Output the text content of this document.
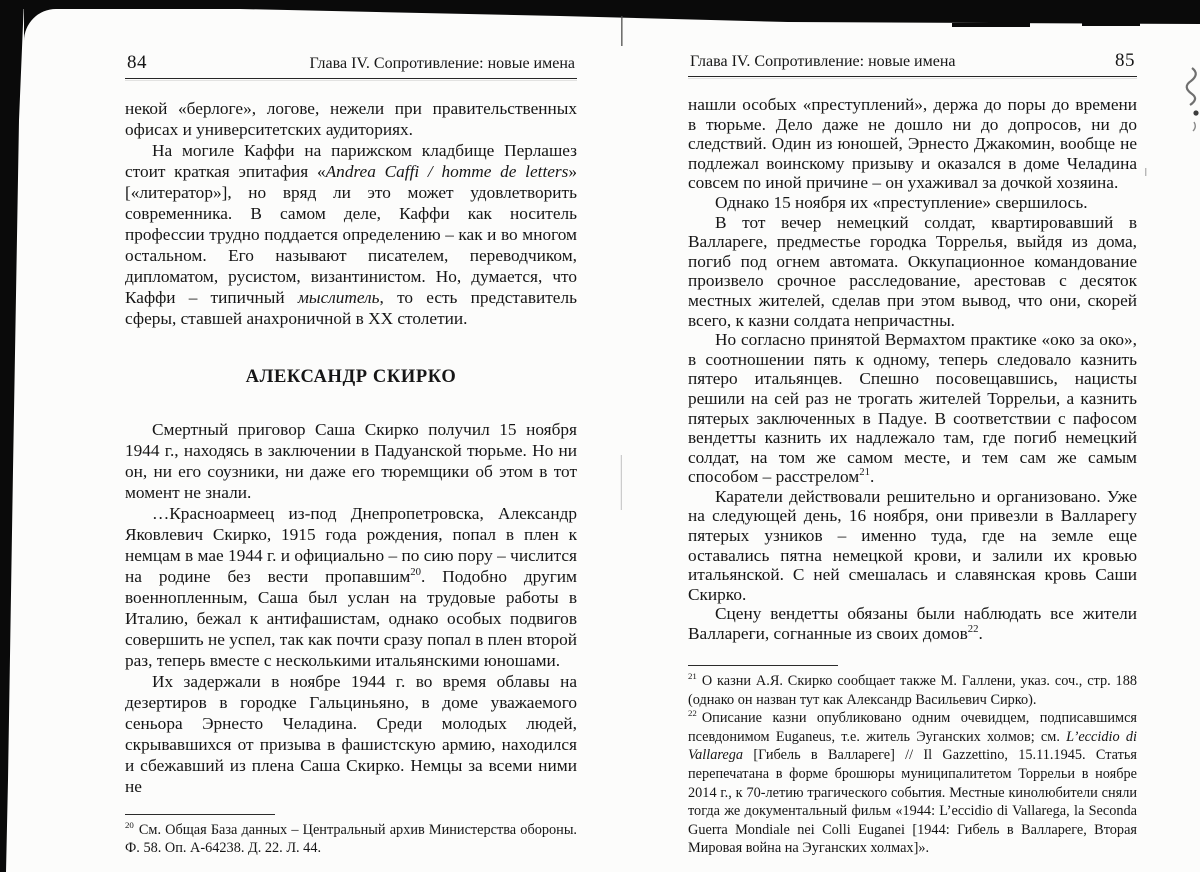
84	Глава IV. Сопротивление: новые имена

некой «берлоге», логове, нежели при правительственных офисах и университетских аудиториях.

На могиле Каффи на парижском кладбище Перлашез стоит краткая эпитафия «Andrea Caffi / homme de letters» [«литератор»], но вряд ли это может удовлетворить современника. В самом деле, Каффи как носитель профессии трудно поддается определению – как и во многом остальном. Его называют писателем, переводчиком, дипломатом, русистом, византинистом. Но, думается, что Каффи – типичный мыслитель, то есть представитель сферы, ставшей анахроничной в ХХ столетии.

АЛЕКСАНДР СКИРКО

Смертный приговор Саша Скирко получил 15 ноября 1944 г., находясь в заключении в Падуанской тюрьме. Но ни он, ни его соузники, ни даже его тюремщики об этом в тот момент не знали.

…Красноармеец из-под Днепропетровска, Александр Яковлевич Скирко, 1915 года рождения, попал в плен к немцам в мае 1944 г. и официально – по сию пору – числится на родине без вести пропавшим$^{20}$. Подобно другим военнопленным, Саша был услан на трудовые работы в Италию, бежал к антифашистам, однако особых подвигов совершить не успел, так как почти сразу попал в плен второй раз, теперь вместе с несколькими итальянскими юношами.

Их задержали в ноябре 1944 г. во время облавы на дезертиров в городке Гальциньяно, в доме уважаемого сеньора Эрнесто Челадина. Среди молодых людей, скрывавшихся от призыва в фашистскую армию, находился и сбежавший из плена Саша Скирко. Немцы за всеми ними не

$^{20}$ См. Общая База данных – Центральный архив Министерства обороны. Ф. 58. Оп. А-64238. Д. 22. Л. 44.

Глава IV. Сопротивление: новые имена	85

нашли особых «преступлений», держа до поры до времени в тюрьме. Дело даже не дошло ни до допросов, ни до следствий. Один из юношей, Эрнесто Джакомин, вообще не подлежал воинскому призыву и оказался в доме Челадина совсем по иной причине – он ухаживал за дочкой хозяина.

Однако 15 ноября их «преступление» свершилось.

В тот вечер немецкий солдат, квартировавший в Валлареге, предместье городка Торрелья, выйдя из дома, погиб под огнем автомата. Оккупационное командование произвело срочное расследование, арестовав с десяток местных жителей, сделав при этом вывод, что они, скорей всего, к казни солдата непричастны.

Но согласно принятой Вермахтом практике «око за око», в соотношении пять к одному, теперь следовало казнить пятеро итальянцев. Спешно посовещавшись, нацисты решили на сей раз не трогать жителей Торрельи, а казнить пятерых заключенных в Падуе. В соответствии с пафосом вендетты казнить их надлежало там, где погиб немецкий солдат, на том же самом месте, и тем сам же самым способом – расстрелом$^{21}$.

Каратели действовали решительно и организовано. Уже на следующей день, 16 ноября, они привезли в Валларегу пятерых узников – именно туда, где на земле еще оставались пятна немецкой крови, и залили их кровью итальянской. С ней смешалась и славянская кровь Саши Скирко.

Сцену вендетты обязаны были наблюдать все жители Валлареги, согнанные из своих домов$^{22}$.

$^{21}$ О казни А.Я. Скирко сообщает также М. Галлени, указ. соч., стр. 188 (однако он назван тут как Александр Васильевич Сирко).

$^{22}$ Описание казни опубликовано одним очевидцем, подписавшимся псевдонимом Euganeus, т.е. житель Эуганских холмов; см. L’eccidio di Vallarega [Гибель в Валлареге] // Il Gazzettino, 15.11.1945. Статья перепечатана в форме брошюры муниципалитетом Торрельи в ноябре 2014 г., к 70-летию трагического события. Местные кинолюбители сняли тогда же документальный фильм «1944: L’eccidio di Vallarega, la Seconda Guerra Mondiale nei Colli Euganei [1944: Гибель в Валлареге, Вторая Мировая война на Эуганских холмах]».
